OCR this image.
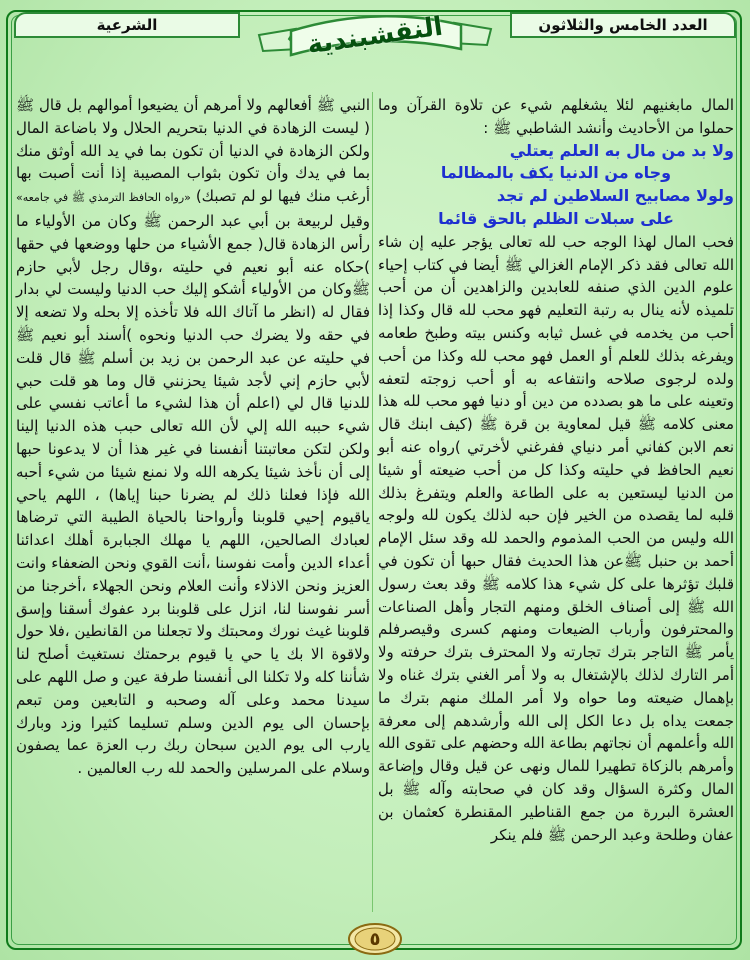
العدد الخامس والثلاثون
الشرعية	النقشبندية

المال مابغنيهم لئلا يشغلهم شيء عن تلاوة القرآن وما حملوا من الأحاديث وأنشد الشاطبي ﷺ :

ولا بد من مال به العلم يعتلي
وجاه من الدنيا يكف بالمظالما
ولولا مصابيح السلاطين لم تجد
على سبلات الظلم بالحق قائما

فحب المال لهذا الوجه حب لله تعالى يؤجر عليه إن شاء الله تعالى فقد ذكر الإمام الغزالي ﷺ أيضا في كتاب إحياء علوم الدين الذي صنفه للعابدين والزاهدين أن من أحب تلميذه لأنه ينال به رتبة التعليم فهو محب لله قال وكذا إذا أحب من يخدمه في غسل ثيابه وكنس بيته وطبخ طعامه ويفرغه بذلك للعلم أو العمل فهو محب لله وكذا من أحب ولده لرجوى صلاحه وانتفاعه به أو أحب زوجته لتعفه وتعينه على ما هو بصدده من دين أو دنيا فهو محب لله هذا معنى كلامه ﷺ قيل لمعاوية بن قرة ﷺ (كيف ابنك قال نعم الابن كفاني أمر دنياي ففرغني لأخرتي )رواه عنه أبو نعيم الحافظ في حليته وكذا كل من أحب ضيعته أو شيئا من الدنيا ليستعين به على الطاعة والعلم ويتفرغ بذلك قلبه لما يقصده من الخير فإن حبه لذلك يكون لله ولوجه الله وليس من الحب المذموم والحمد لله وقد سئل الإمام أحمد بن حنبل ﷺعن هذا الحديث فقال حبها أن تكون في قلبك تؤثرها على كل شيء هذا كلامه ﷺ وقد بعث رسول الله ﷺ إلى أصناف الخلق ومنهم التجار وأهل الصناعات والمحترفون وأرباب الضيعات ومنهم كسرى وقيصرفلم يأمر ﷺ التاجر بترك تجارته ولا المحترف بترك حرفته ولا أمر التارك لذلك بالإشتغال به ولا أمر الغني بترك غناه ولا بإهمال ضيعته وما حواه ولا أمر الملك منهم بترك ما جمعت يداه بل دعا الكل إلى الله وأرشدهم إلى معرفة الله وأعلمهم أن نجاتهم بطاعة الله وحضهم على تقوى الله وأمرهم بالزكاة تطهيرا للمال ونهى عن قيل وقال وإضاعة المال وكثرة السؤال وقد كان في صحابته وآله ﷺ بل العشرة البررة من جمع القناطير المقنطرة كعثمان بن عفان وطلحة وعبد الرحمن ﷺ فلم ينكر

النبي ﷺ أفعالهم ولا أمرهم أن يضيعوا أموالهم بل قال ﷺ ( ليست الزهادة في الدنيا بتحريم الحلال ولا باضاعة المال ولكن الزهادة في الدنيا أن تكون بما في يد الله أوثق منك بما في يدك وأن تكون بثواب المصيبة إذا أنت أصبت بها أرغب منك فيها لو لم تصبك) «رواه الحافظ الترمذي ﷺ في جامعه» وقيل لربيعة بن أبي عبد الرحمن ﷺ وكان من الأولياء ما رأس الزهادة قال( جمع الأشياء من حلها ووضعها في حقها )حكاه عنه أبو نعيم في حليته ،وقال رجل لأبي حازم ﷺوكان من الأولياء أشكو إليك حب الدنيا وليست لي بدار فقال له (انظر ما آتاك الله فلا تأخذه إلا بحله ولا تضعه إلا في حقه ولا يضرك حب الدنيا ونحوه )أسند أبو نعيم ﷺ في حليته عن عبد الرحمن بن زيد بن أسلم ﷺ قال قلت لأبي حازم إني لأجد شيئا يحزنني قال وما هو قلت حبي للدنيا قال لي (اعلم أن هذا لشيء ما أعاتب نفسي على شيء حببه الله إلي لأن الله تعالى حبب هذه الدنيا إلينا ولكن لتكن معاتبتنا أنفسنا في غير هذا أن لا يدعونا حبها إلى أن نأخذ شيئا يكرهه الله ولا نمنع شيئا من شيء أحبه الله فإذا فعلنا ذلك لم يضرنا حبنا إياها) ، اللهم ياحي ياقيوم إحيي قلوبنا وأرواحنا بالحياة الطيبة التي ترضاها لعبادك الصالحين، اللهم يا مهلك الجبابرة أهلك اعدائنا أعداء الدين وأمت نفوسنا ،أنت القوي ونحن الضعفاء وانت العزيز ونحن الاذلاء وأنت العلام ونحن الجهلاء ،أخرجنا من أسر نفوسنا لنا، انزل على قلوبنا برد عفوك أسقنا وإسق قلوبنا غيث نورك ومحبتك ولا تجعلنا من القانطين ،فلا حول ولاقوة الا بك يا حي يا قيوم برحمتك نستغيث أصلح لنا شأننا كله ولا تكلنا الى أنفسنا طرفة عين و صل اللهم على سيدنا محمد وعلى آله وصحبه و التابعين ومن تبعم بإحسان الى يوم الدين وسلم تسليما كثيرا وزد وبارك يارب الى يوم الدين سبحان ربك رب العزة عما يصفون وسلام على المرسلين والحمد لله رب العالمين .

٥
